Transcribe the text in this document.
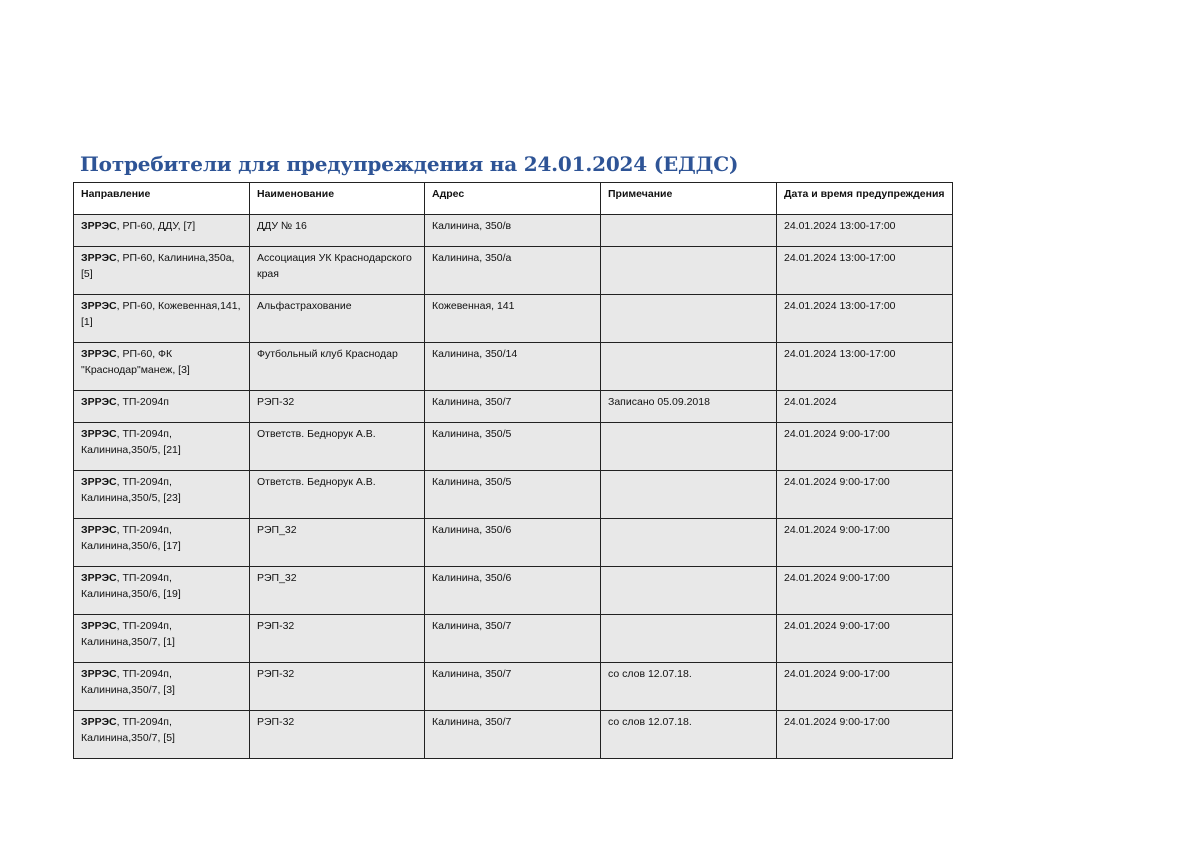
Потребители для предупреждения на 24.01.2024 (ЕДДС)
Направление	Наименование	Адрес	Примечание	Дата и время предупреждения
ЗРРЭС, РП-60, ДДУ, [7]	ДДУ № 16	Калинина, 350/в		24.01.2024 13:00-17:00
ЗРРЭС, РП-60, Калинина,350а, [5]	Ассоциация УК Краснодарского края	Калинина, 350/а		24.01.2024 13:00-17:00
ЗРРЭС, РП-60, Кожевенная,141, [1]	Альфастрахование	Кожевенная, 141		24.01.2024 13:00-17:00
ЗРРЭС, РП-60, ФК "Краснодар"манеж, [3]	Футбольный клуб Краснодар	Калинина, 350/14		24.01.2024 13:00-17:00
ЗРРЭС, ТП-2094п	РЭП-32	Калинина, 350/7	Записано 05.09.2018	24.01.2024
ЗРРЭС, ТП-2094п, Калинина,350/5, [21]	Ответств. Беднорук А.В.	Калинина, 350/5		24.01.2024 9:00-17:00
ЗРРЭС, ТП-2094п, Калинина,350/5, [23]	Ответств. Беднорук А.В.	Калинина, 350/5		24.01.2024 9:00-17:00
ЗРРЭС, ТП-2094п, Калинина,350/6, [17]	РЭП_32	Калинина, 350/6		24.01.2024 9:00-17:00
ЗРРЭС, ТП-2094п, Калинина,350/6, [19]	РЭП_32	Калинина, 350/6		24.01.2024 9:00-17:00
ЗРРЭС, ТП-2094п, Калинина,350/7, [1]	РЭП-32	Калинина, 350/7		24.01.2024 9:00-17:00
ЗРРЭС, ТП-2094п, Калинина,350/7, [3]	РЭП-32	Калинина, 350/7	со слов 12.07.18.	24.01.2024 9:00-17:00
ЗРРЭС, ТП-2094п, Калинина,350/7, [5]	РЭП-32	Калинина, 350/7	со слов 12.07.18.	24.01.2024 9:00-17:00
